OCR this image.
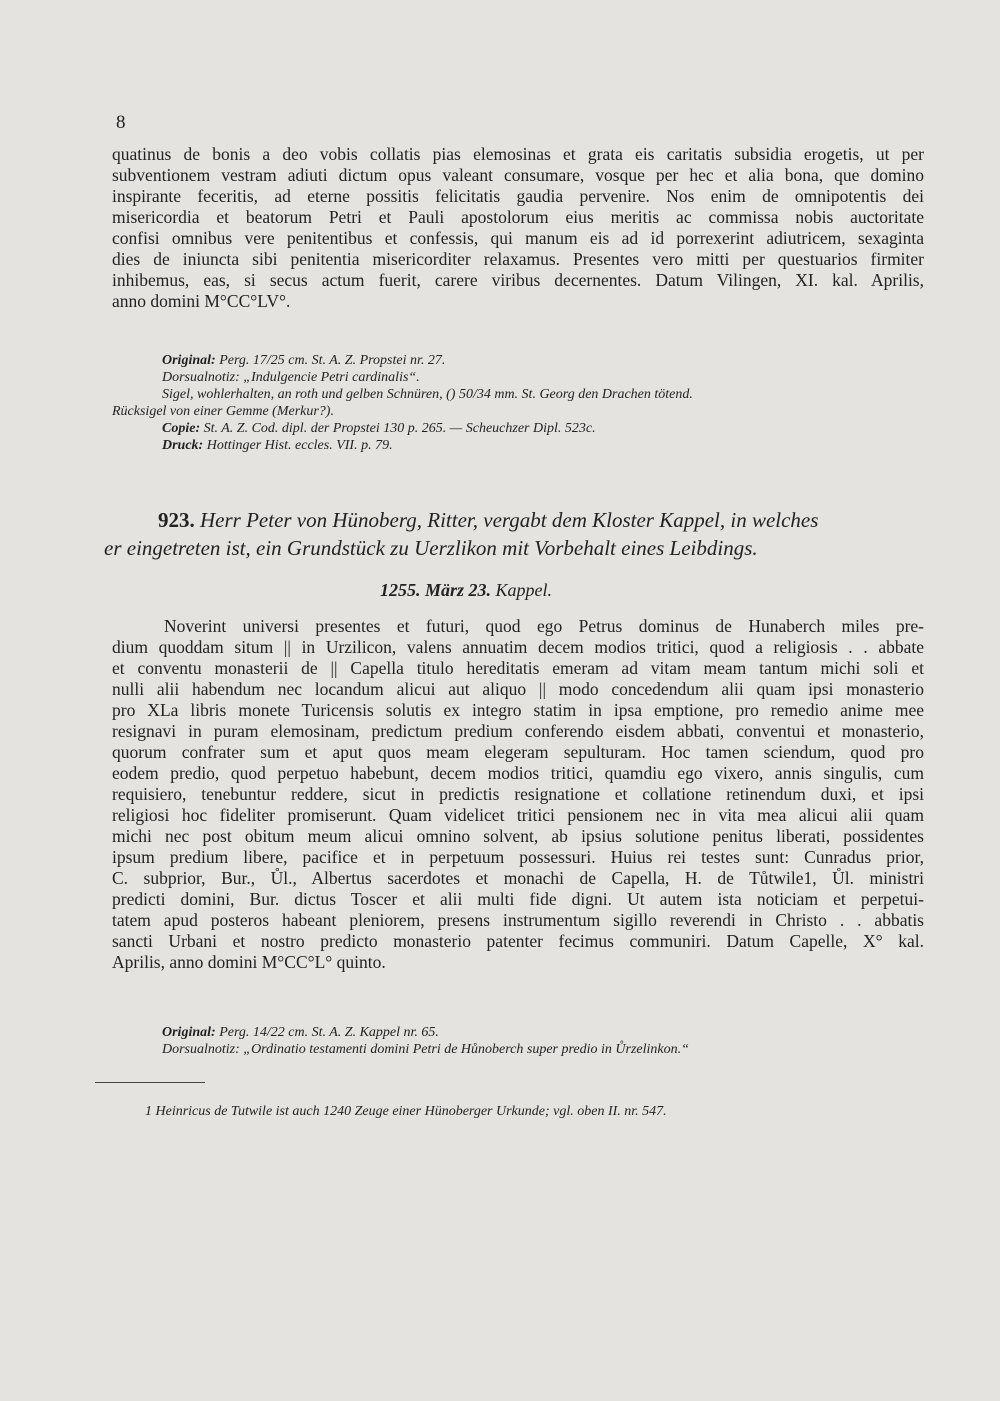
8
quatinus de bonis a deo vobis collatis pias elemosinas et grata eis caritatis subsidia erogetis, ut per
subventionem vestram adiuti dictum opus valeant consumare, vosque per hec et alia bona, que domino
inspirante feceritis, ad eterne possitis felicitatis gaudia pervenire. Nos enim de omnipotentis dei
misericordia et beatorum Petri et Pauli apostolorum eius meritis ac commissa nobis auctoritate
confisi omnibus vere penitentibus et confessis, qui manum eis ad id porrexerint adiutricem, sexaginta
dies de iniuncta sibi penitentia misericorditer relaxamus. Presentes vero mitti per questuarios firmiter
inhibemus, eas, si secus actum fuerit, carere viribus decernentes. Datum Vilingen, XI. kal. Aprilis,
anno domini M°CC°LV°.
Original: Perg. 17/25 cm. St. A. Z. Propstei nr. 27.
Dorsualnotiz: „Indulgencie Petri cardinalis“.
Sigel, wohlerhalten, an roth und gelben Schnüren, () 50/34 mm. St. Georg den Drachen tötend.
Rücksigel von einer Gemme (Merkur?).
Copie: St. A. Z. Cod. dipl. der Propstei 130 p. 265. — Scheuchzer Dipl. 523c.
Druck: Hottinger Hist. eccles. VII. p. 79.
923. Herr Peter von Hünoberg, Ritter, vergabt dem Kloster Kappel, in welches
er eingetreten ist, ein Grundstück zu Uerzlikon mit Vorbehalt eines Leibdings.
1255. März 23. Kappel.
Noverint universi presentes et futuri, quod ego Petrus dominus de Hunaberch miles pre-
dium quoddam situm || in Urzilicon, valens annuatim decem modios tritici, quod a religiosis . . abbate
et conventu monasterii de || Capella titulo hereditatis emeram ad vitam meam tantum michi soli et
nulli alii habendum nec locandum alicui aut aliquo || modo concedendum alii quam ipsi monasterio
pro XLa libris monete Turicensis solutis ex integro statim in ipsa emptione, pro remedio anime mee
resignavi in puram elemosinam, predictum predium conferendo eisdem abbati, conventui et monasterio,
quorum confrater sum et aput quos meam elegeram sepulturam. Hoc tamen sciendum, quod pro
eodem predio, quod perpetuo habebunt, decem modios tritici, quamdiu ego vixero, annis singulis, cum
requisiero, tenebuntur reddere, sicut in predictis resignatione et collatione retinendum duxi, et ipsi
religiosi hoc fideliter promiserunt. Quam videlicet tritici pensionem nec in vita mea alicui alii quam
michi nec post obitum meum alicui omnino solvent, ab ipsius solutione penitus liberati, possidentes
ipsum predium libere, pacifice et in perpetuum possessuri. Huius rei testes sunt: Cunradus prior,
C. subprior, Bur., Ůl., Albertus sacerdotes et monachi de Capella, H. de Tůtwile1, Ůl. ministri
predicti domini, Bur. dictus Toscer et alii multi fide digni. Ut autem ista noticiam et perpetui-
tatem apud posteros habeant pleniorem, presens instrumentum sigillo reverendi in Christo . . abbatis
sancti Urbani et nostro predicto monasterio patenter fecimus communiri. Datum Capelle, X° kal.
Aprilis, anno domini M°CC°L° quinto.
Original: Perg. 14/22 cm. St. A. Z. Kappel nr. 65.
Dorsualnotiz: „Ordinatio testamenti domini Petri de Hůnoberch super predio in Ůrzelinkon.“
1 Heinricus de Tutwile ist auch 1240 Zeuge einer Hünoberger Urkunde; vgl. oben II. nr. 547.
